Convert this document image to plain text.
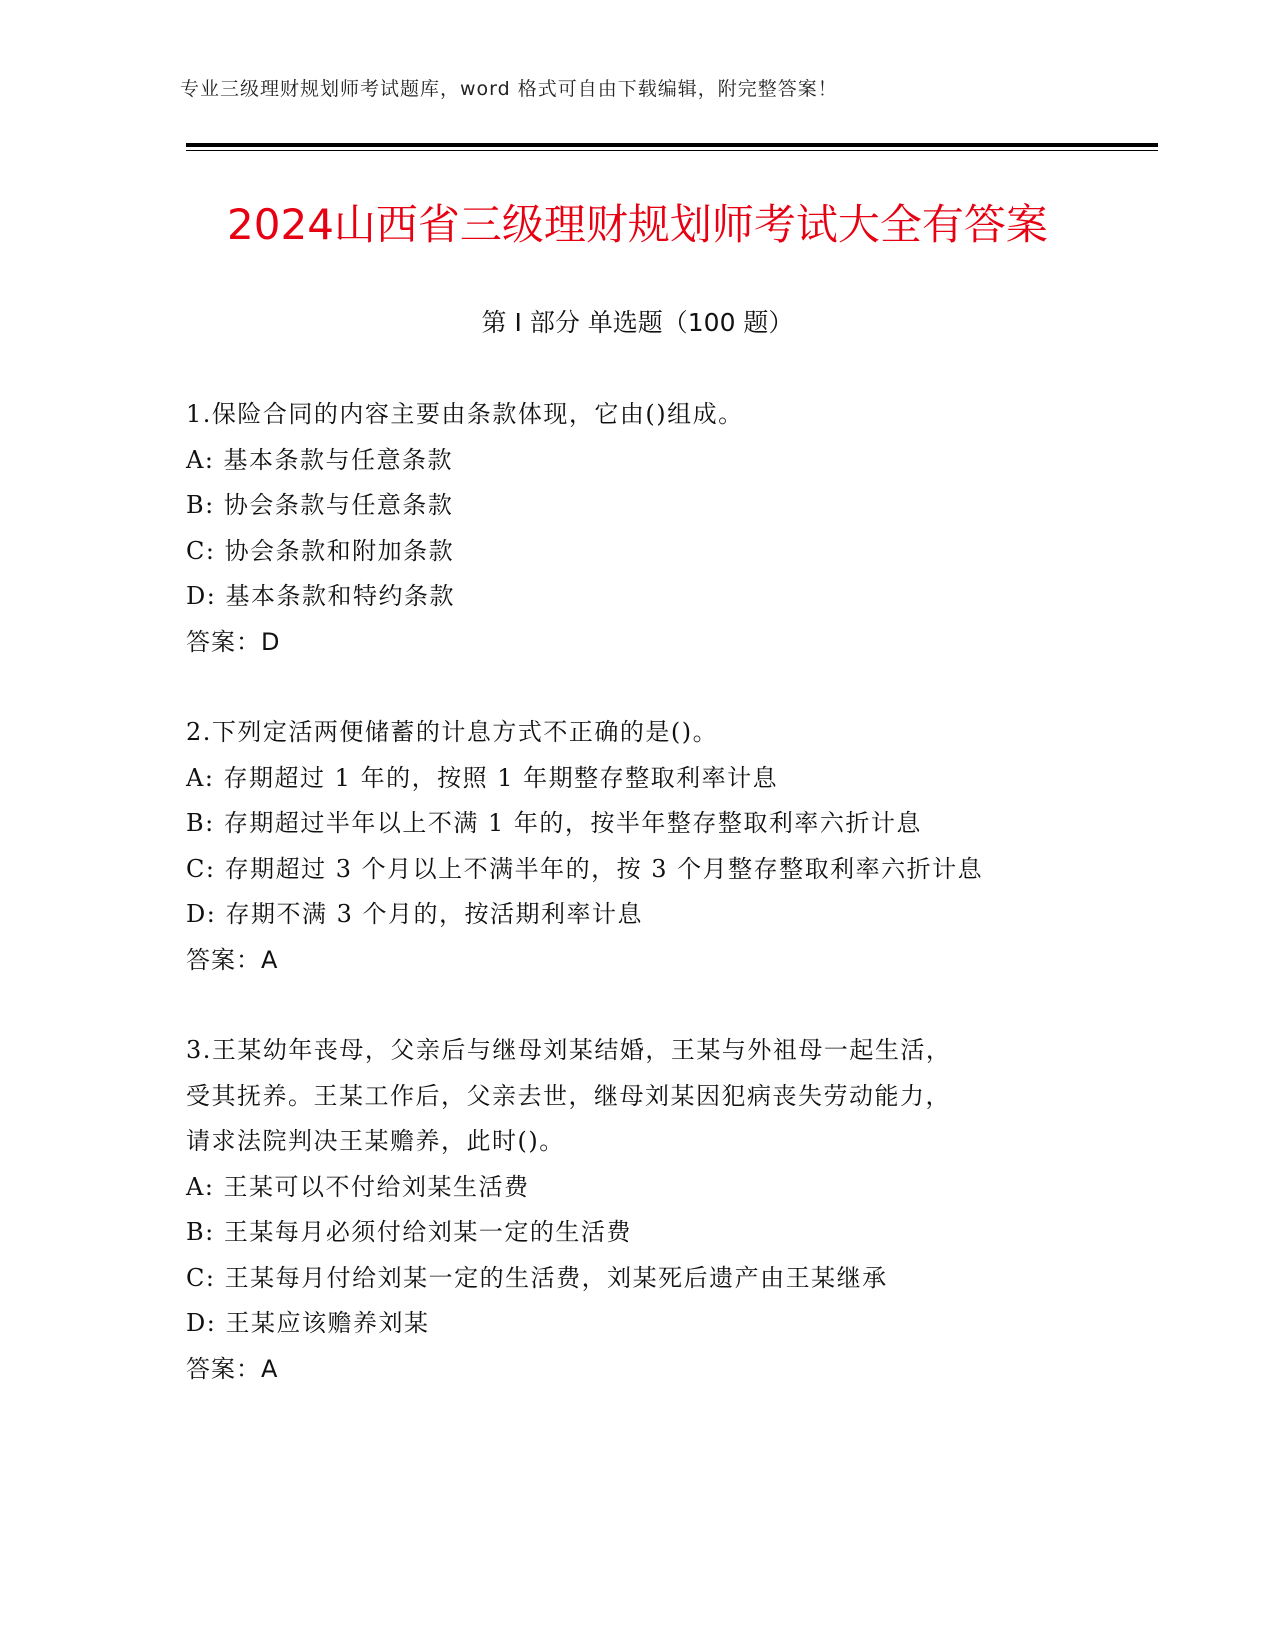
专业三级理财规划师考试题库，word 格式可自由下载编辑，附完整答案！
2024山西省三级理财规划师考试大全有答案
第 I 部分 单选题（100 题）
1.保险合同的内容主要由条款体现，它由()组成。
A: 基本条款与任意条款
B: 协会条款与任意条款
C: 协会条款和附加条款
D: 基本条款和特约条款
答案：D
2.下列定活两便储蓄的计息方式不正确的是()。
A: 存期超过 1 年的，按照 1 年期整存整取利率计息
B: 存期超过半年以上不满 1 年的，按半年整存整取利率六折计息
C: 存期超过 3 个月以上不满半年的，按 3 个月整存整取利率六折计息
D: 存期不满 3 个月的，按活期利率计息
答案：A
3.王某幼年丧母，父亲后与继母刘某结婚，王某与外祖母一起生活，
受其抚养。王某工作后，父亲去世，继母刘某因犯病丧失劳动能力，
请求法院判决王某赡养，此时()。
A: 王某可以不付给刘某生活费
B: 王某每月必须付给刘某一定的生活费
C: 王某每月付给刘某一定的生活费，刘某死后遗产由王某继承
D: 王某应该赡养刘某
答案：A
